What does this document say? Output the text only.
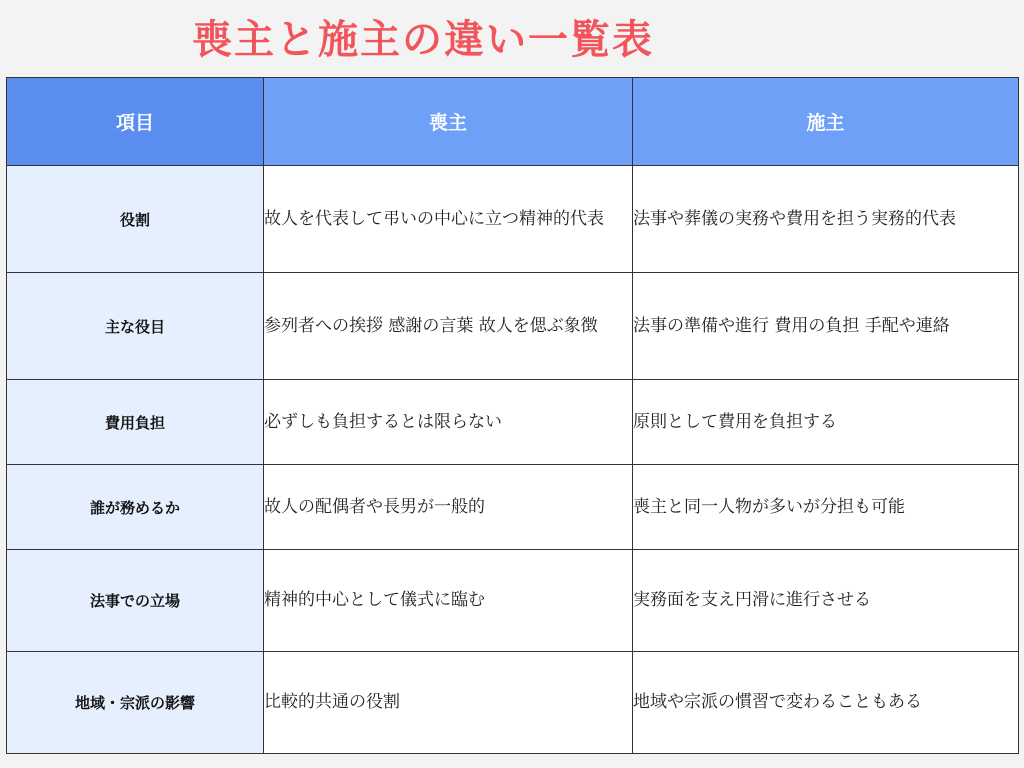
喪主と施主の違い一覧表
項目	喪主	施主
役割	故人を代表して弔いの中心に立つ精神的代表	法事や葬儀の実務や費用を担う実務的代表
主な役目	参列者への挨拶 感謝の言葉 故人を偲ぶ象徴	法事の準備や進行 費用の負担 手配や連絡
費用負担	必ずしも負担するとは限らない	原則として費用を負担する
誰が務めるか	故人の配偶者や長男が一般的	喪主と同一人物が多いが分担も可能
法事での立場	精神的中心として儀式に臨む	実務面を支え円滑に進行させる
地域・宗派の影響	比較的共通の役割	地域や宗派の慣習で変わることもある
